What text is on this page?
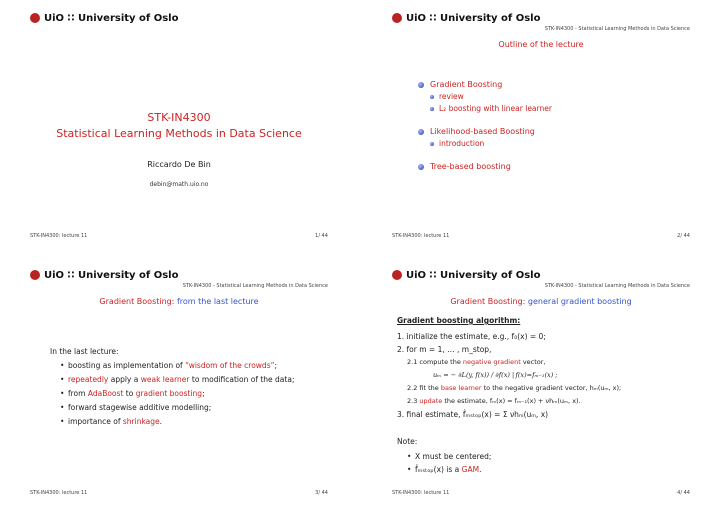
UiO ∷ University of Oslo
STK-IN4300
Statistical Learning Methods in Data Science
Riccardo De Bin
debin@math.uio.no
STK-IN4300: lecture 11	1/ 44
UiO ∷ University of Oslo
STK-IN4300 - Statistical Learning Methods in Data Science
Outline of the lecture
Gradient Boosting
review
L₂ boosting with linear learner
Likelihood-based Boosting
introduction
Tree-based boosting
STK-IN4300: lecture 11	2/ 44
UiO ∷ University of Oslo
STK-IN4300 - Statistical Learning Methods in Data Science
Gradient Boosting: from the last lecture
In the last lecture:
• boosting as implementation of “wisdom of the crowds”;
• repeatedly apply a weak learner to modification of the data;
• from AdaBoost to gradient boosting;
• forward stagewise additive modelling;
• importance of shrinkage.
STK-IN4300: lecture 11	3/ 44
UiO ∷ University of Oslo
STK-IN4300 - Statistical Learning Methods in Data Science
Gradient Boosting: general gradient boosting
Gradient boosting algorithm:
1. initialize the estimate, e.g., f₀(x) = 0;
2. for m = 1, … , m_stop,
2.1 compute the negative gradient vector,
uₘ = − ∂L(y, f(x)) / ∂f(x) | f(x)=fₘ₋₁(x) ;
2.2 fit the base learner to the negative gradient vector, hₘ(uₘ, x);
2.3 update the estimate, fₘ(x) = fₘ₋₁(x) + νhₘ(uₘ, x).
3. final estimate, f̂ₘₛₜₒₚ(x) = Σ νhₘ(uₘ, x)
Note:
• X must be centered;
• f̂ₘₛₜₒₚ(x) is a GAM.
STK-IN4300: lecture 11	4/ 44
